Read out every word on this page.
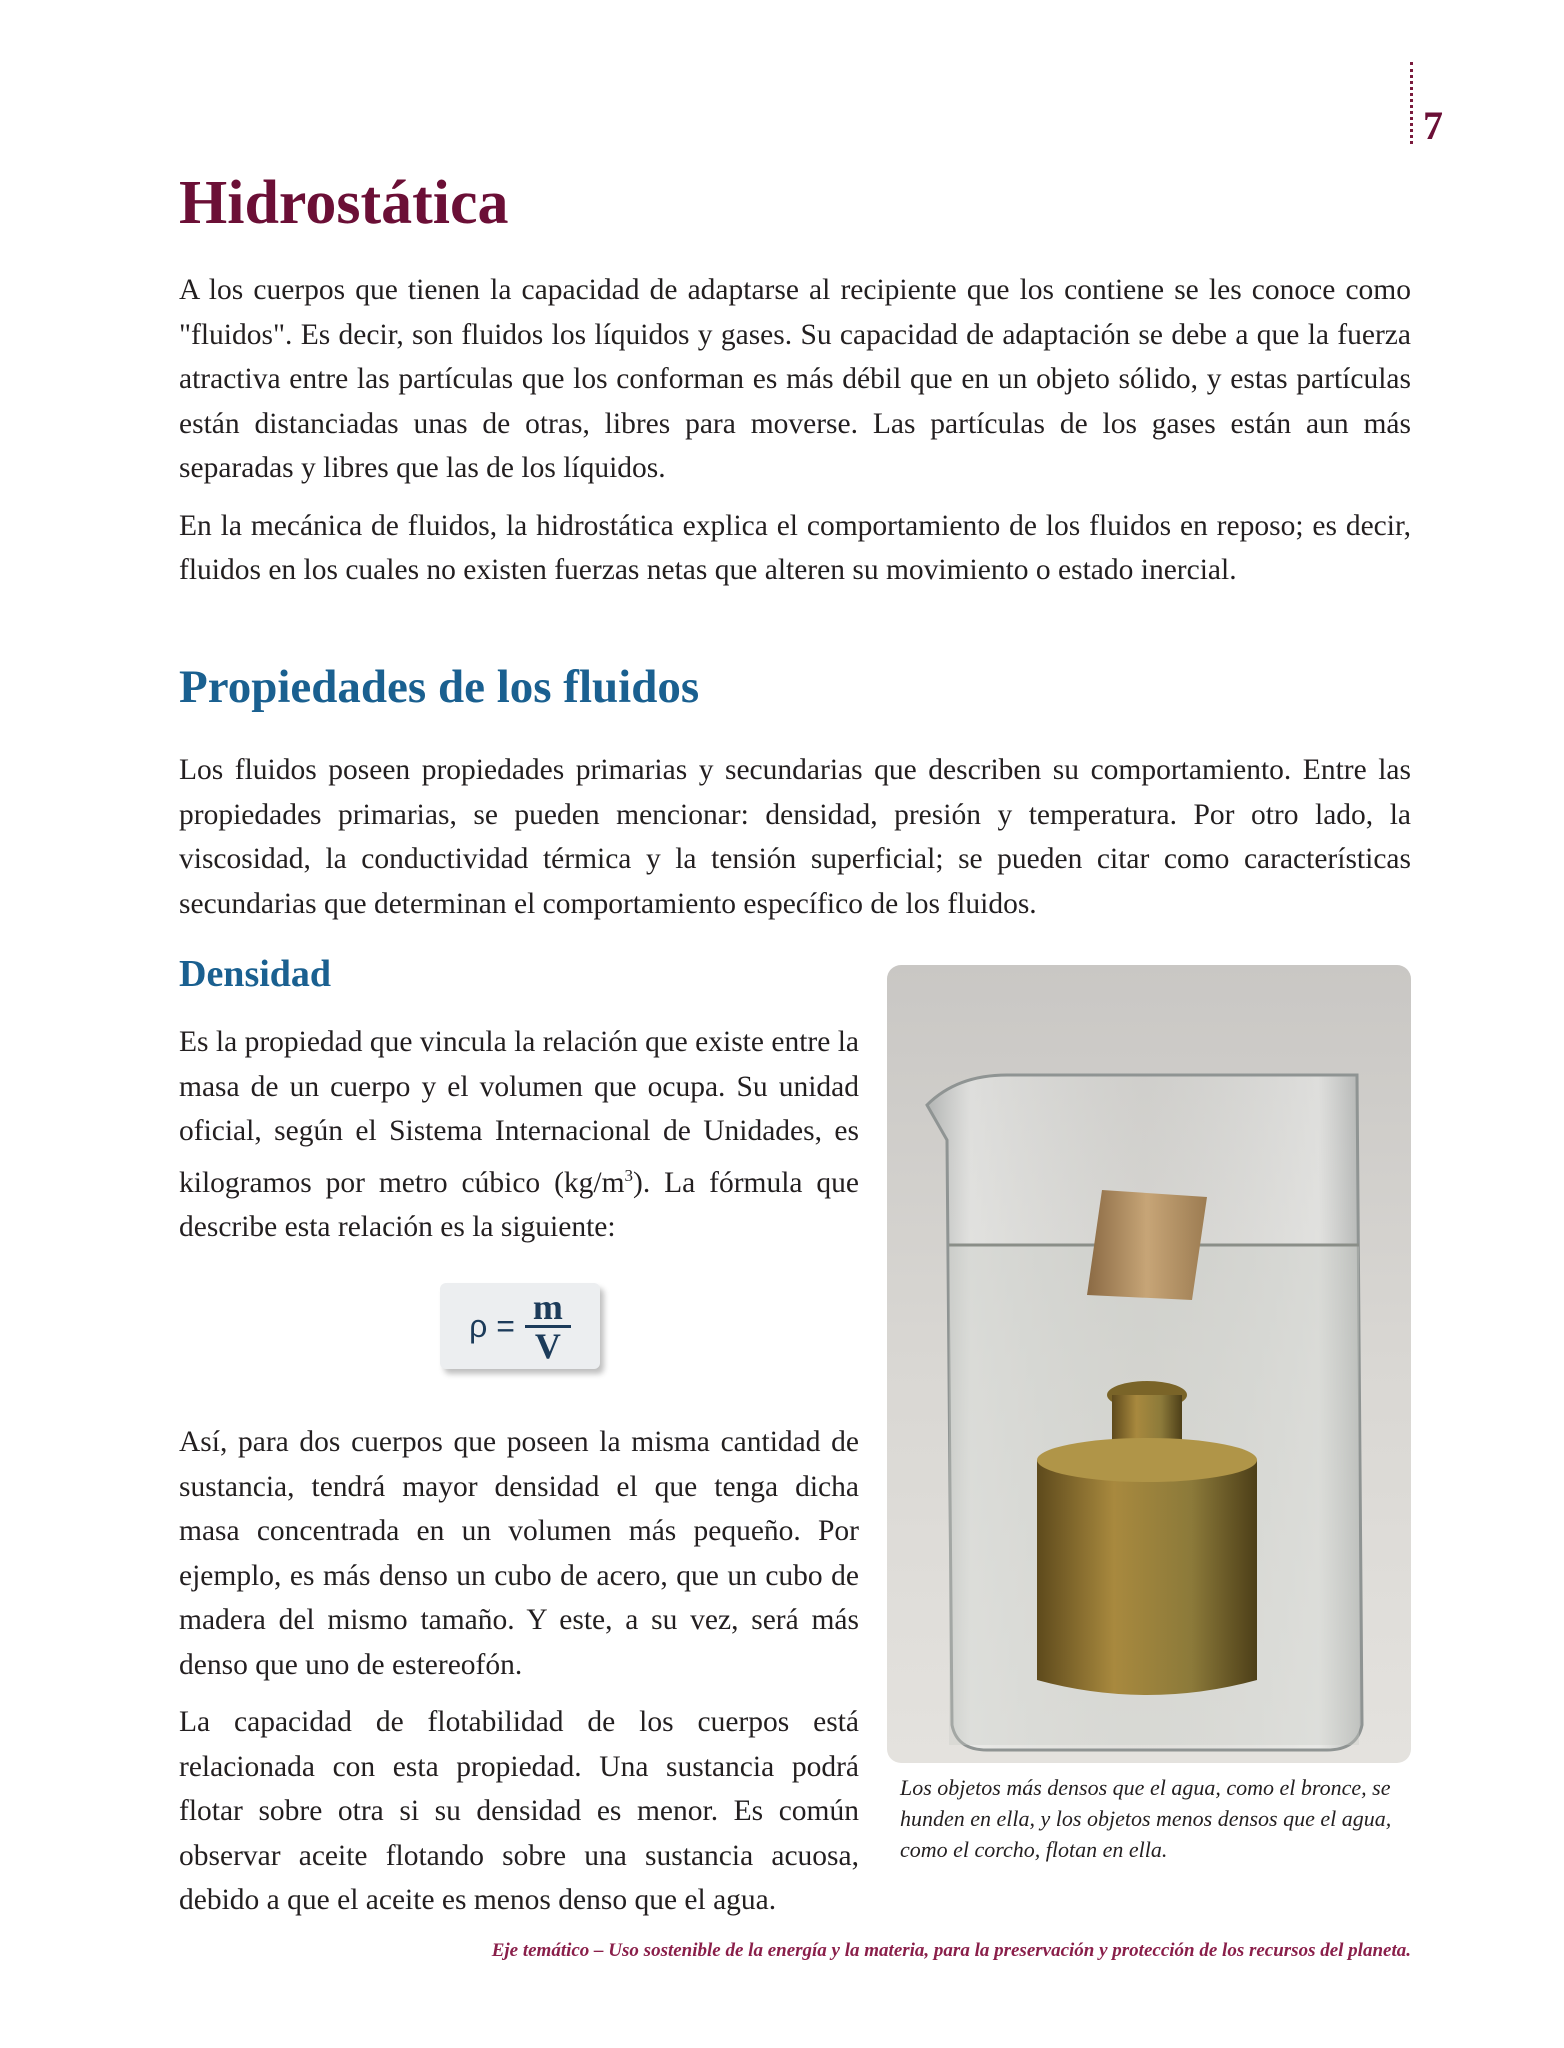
7
Hidrostática

A los cuerpos que tienen la capacidad de adaptarse al recipiente que los contiene se les conoce como "fluidos". Es decir, son fluidos los líquidos y gases. Su capacidad de adaptación se debe a que la fuerza atractiva entre las partículas que los conforman es más débil que en un objeto sólido, y estas partículas están distanciadas unas de otras, libres para moverse. Las partículas de los gases están aun más separadas y libres que las de los líquidos.

En la mecánica de fluidos, la hidrostática explica el comportamiento de los fluidos en reposo; es decir, fluidos en los cuales no existen fuerzas netas que alteren su movimiento o estado inercial.

Propiedades de los fluidos

Los fluidos poseen propiedades primarias y secundarias que describen su comportamiento. Entre las propiedades primarias, se pueden mencionar: densidad, presión y temperatura. Por otro lado, la viscosidad, la conductividad térmica y la tensión superficial; se pueden citar como características secundarias que determinan el comportamiento específico de los fluidos.

Densidad

Es la propiedad que vincula la relación que existe entre la masa de un cuerpo y el volumen que ocupa. Su unidad oficial, según el Sistema Internacional de Unidades, es kilogramos por metro cúbico $(kg/m^3)$. La fórmula que describe esta relación es la siguiente:

$\rho = \frac{m}{V}$

Así, para dos cuerpos que poseen la misma cantidad de sustancia, tendrá mayor densidad el que tenga dicha masa concentrada en un volumen más pequeño. Por ejemplo, es más denso un cubo de acero, que un cubo de madera del mismo tamaño. Y este, a su vez, será más denso que uno de estereofón.

La capacidad de flotabilidad de los cuerpos está relacionada con esta propiedad. Una sustancia podrá flotar sobre otra si su densidad es menor. Es común observar aceite flotando sobre una sustancia acuosa, debido a que el aceite es menos denso que el agua.

Los objetos más densos que el agua, como el bronce, se hunden en ella, y los objetos menos densos que el agua, como el corcho, flotan en ella.
Eje temático – Uso sostenible de la energía y la materia, para la preservación y protección de los recursos del planeta.
